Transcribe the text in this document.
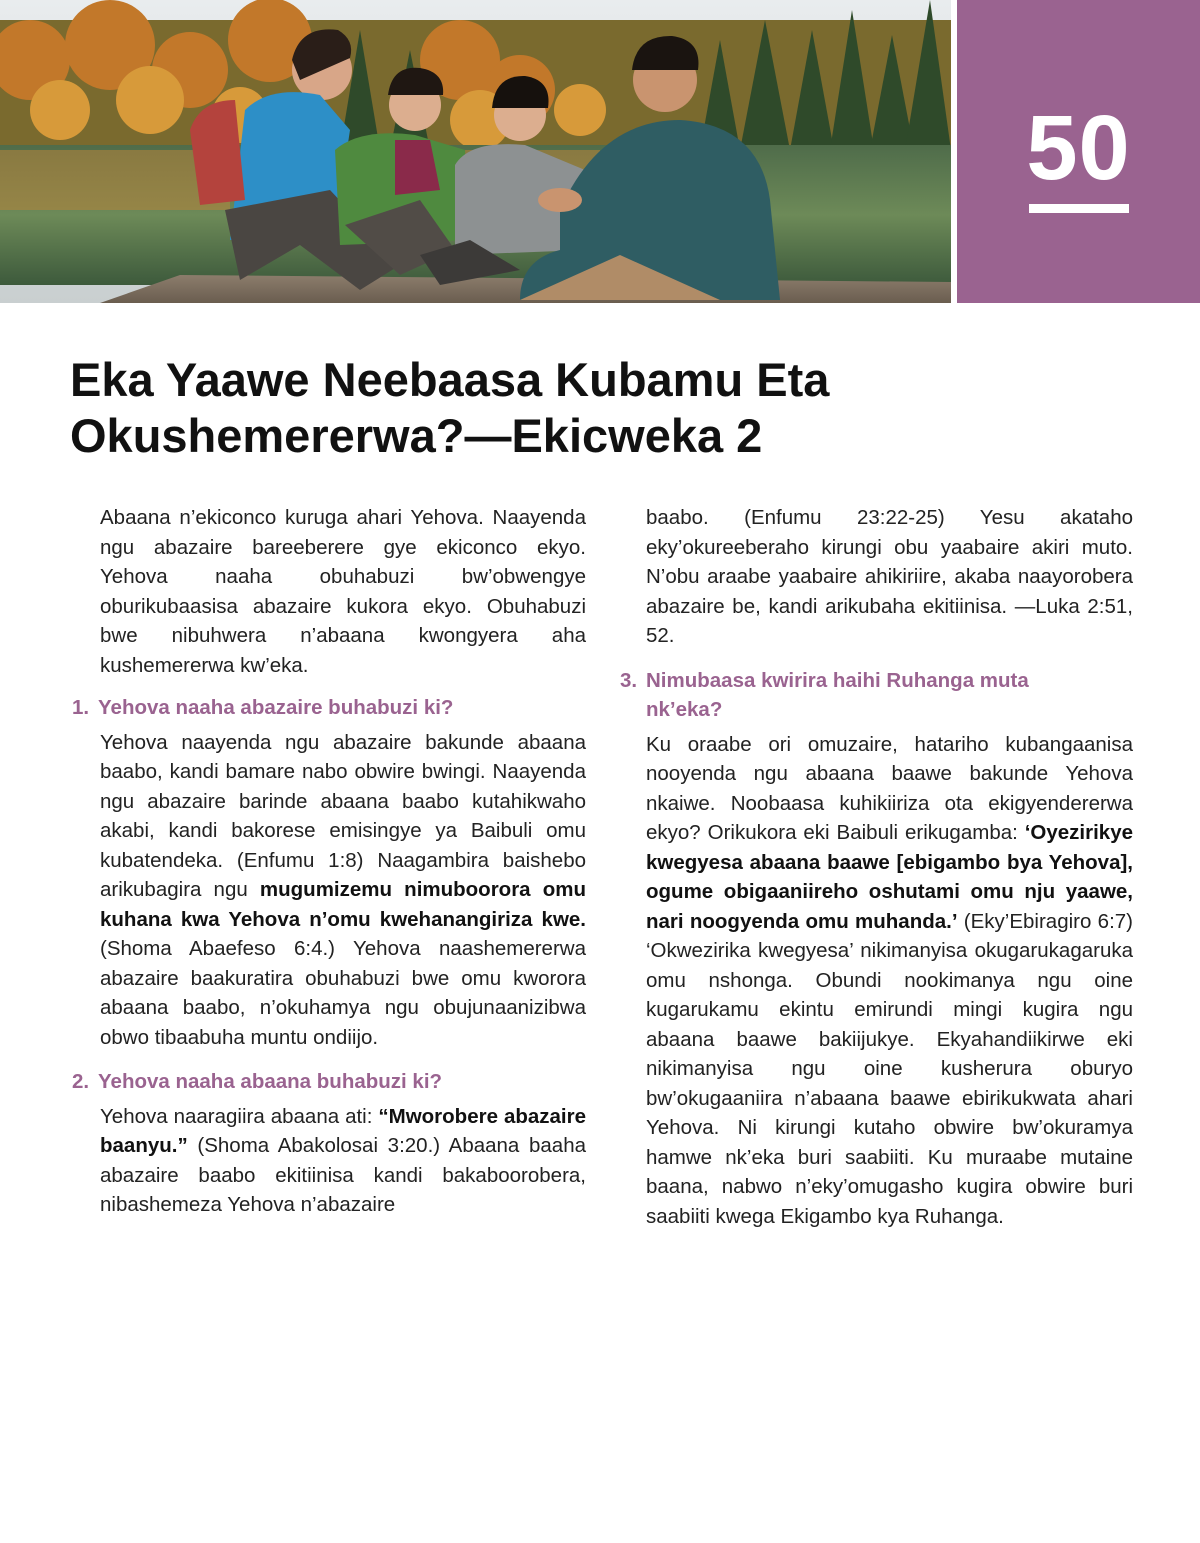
50
Eka Yaawe Neebaasa Kubamu Eta
Okushemererwa?—Ekicweka 2

Abaana n’ekiconco kuruga ahari Yehova. Naayenda ngu abazaire bareeberere gye ekiconco ekyo. Yehova naaha obuhabuzi bw’obwengye oburikubaasisa abazaire kukora ekyo. Obuhabuzi bwe nibuhwera n’abaana kwongyera aha kushemererwa kw’eka.

1. Yehova naaha abazaire buhabuzi ki?

Yehova naayenda ngu abazaire bakunde abaana baabo, kandi bamare nabo obwire bwingi. Naayenda ngu abazaire barinde abaana baabo kutahikwaho akabi, kandi bakorese emisingye ya Baibuli omu kubatendeka. (Enfumu 1:8) Naagambira baishebo arikubagira ngu mugumizemu nimuboorora omu kuhana kwa Yehova n’omu kwehanangiriza kwe. (Shoma Abaefeso 6:4.) Yehova naashemererwa abazaire baakuratira obuhabuzi bwe omu kworora abaana baabo, n’okuhamya ngu obujunaanizibwa obwo tibaabuha muntu ondiijo.

2. Yehova naaha abaana buhabuzi ki?

Yehova naaragiira abaana ati: “Mworobere abazaire baanyu.” (Shoma Abakolosai 3:20.) Abaana baaha abazaire baabo ekitiinisa kandi bakaboorobera, nibashemeza Yehova n’abazaire

baabo. (Enfumu 23:22-25) Yesu akataho eky’okureeberaho kirungi obu yaabaire akiri muto. N’obu araabe yaabaire ahikiriire, akaba naayorobera abazaire be, kandi arikubaha ekitiinisa. —Luka 2:51, 52.

3. Nimubaasa kwirira haihi Ruhanga muta
nk’eka?

Ku oraabe ori omuzaire, hatariho kubangaanisa nooyenda ngu abaana baawe bakunde Yehova nkaiwe. Noobaasa kuhikiiriza ota ekigyendererwa ekyo? Orikukora eki Baibuli erikugamba: ‘Oyezirikye kwegyesa abaana baawe [ebigambo bya Yehova], ogume obigaaniireho oshutami omu nju yaawe, nari noogyenda omu muhanda.’ (Eky’Ebiragiro 6:7) ‘Okwezirika kwegyesa’ nikimanyisa okugarukagaruka omu nshonga. Obundi nookimanya ngu oine kugarukamu ekintu emirundi mingi kugira ngu abaana baawe bakiijukye. Ekyahandiikirwe eki nikimanyisa ngu oine kusherura oburyo bw’okugaaniira n’abaana baawe ebirikukwata ahari Yehova. Ni kirungi kutaho obwire bw’okuramya hamwe nk’eka buri saabiiti. Ku muraabe mutaine baana, nabwo n’eky’omugasho kugira obwire buri saabiiti kwega Ekigambo kya Ruhanga.
